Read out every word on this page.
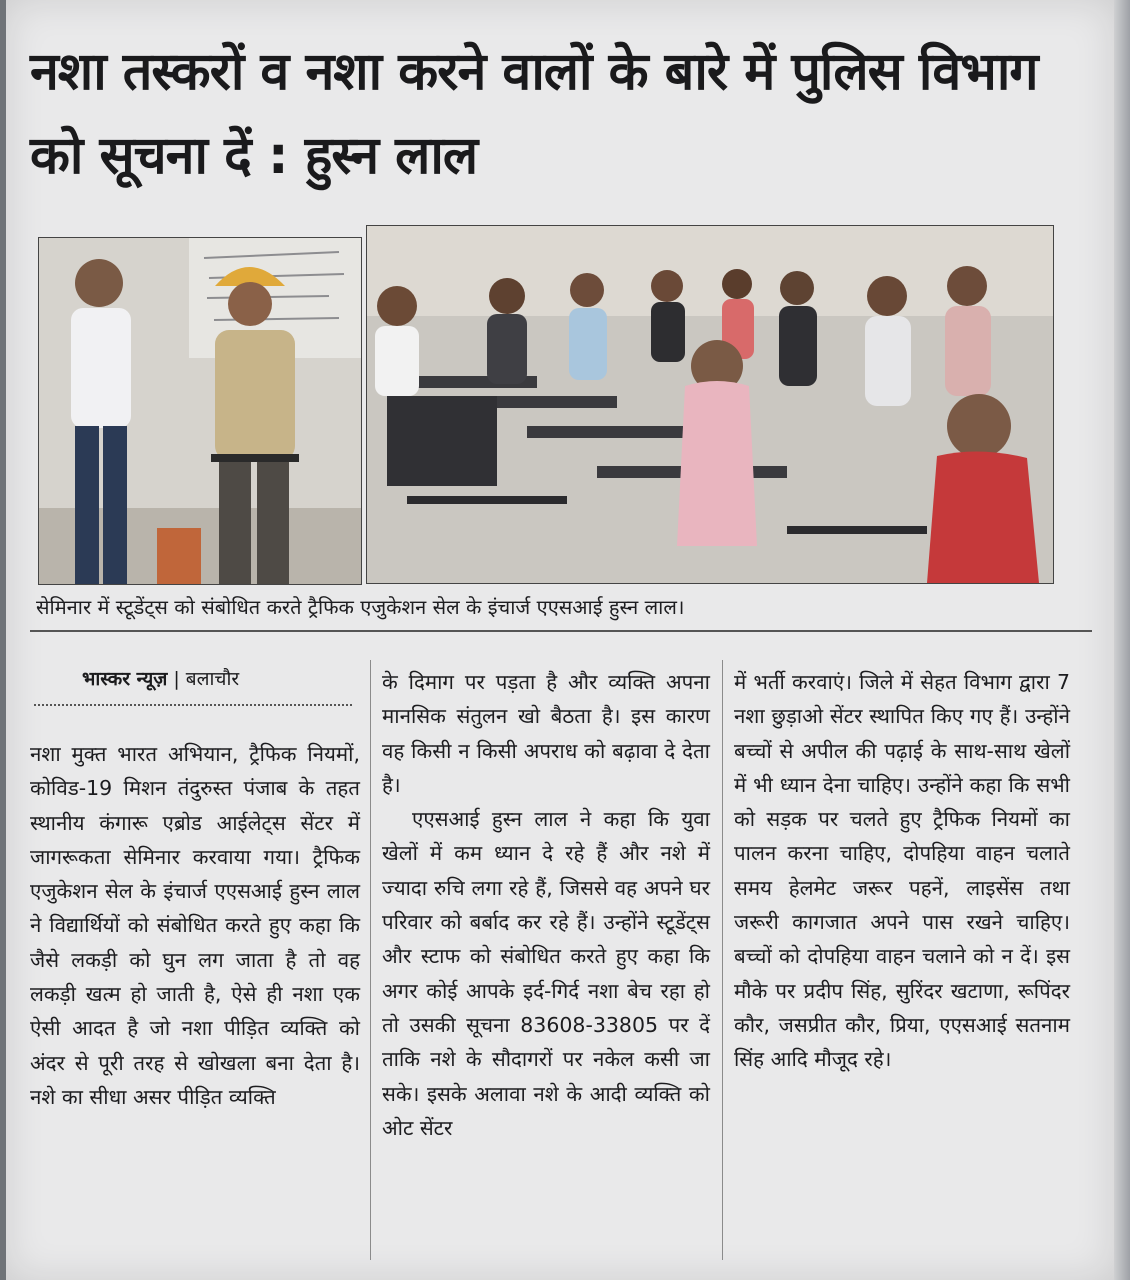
नशा तस्करों व नशा करने वालों के बारे में पुलिस विभाग को सूचना दें : हुस्न लाल

सेमिनार में स्टूडेंट्स को संबोधित करते ट्रैफिक एजुकेशन सेल के इंचार्ज एएसआई हुस्न लाल।

भास्कर न्यूज़ | बलाचौर

नशा मुक्त भारत अभियान, ट्रैफिक नियमों, कोविड-19 मिशन तंदुरुस्त पंजाब के तहत स्थानीय कंगारू एब्रोड आईलेट्स सेंटर में जागरूकता सेमिनार करवाया गया। ट्रैफिक एजुकेशन सेल के इंचार्ज एएसआई हुस्न लाल ने विद्यार्थियों को संबोधित करते हुए कहा कि जैसे लकड़ी को घुन लग जाता है तो वह लकड़ी खत्म हो जाती है, ऐसे ही नशा एक ऐसी आदत है जो नशा पीड़ित व्यक्ति को अंदर से पूरी तरह से खोखला बना देता है। नशे का सीधा असर पीड़ित व्यक्ति

के दिमाग पर पड़ता है और व्यक्ति अपना मानसिक संतुलन खो बैठता है। इस कारण वह किसी न किसी अपराध को बढ़ावा दे देता है।

एएसआई हुस्न लाल ने कहा कि युवा खेलों में कम ध्यान दे रहे हैं और नशे में ज्यादा रुचि लगा रहे हैं, जिससे वह अपने घर परिवार को बर्बाद कर रहे हैं। उन्होंने स्टूडेंट्स और स्टाफ को संबोधित करते हुए कहा कि अगर कोई आपके इर्द-गिर्द नशा बेच रहा हो तो उसकी सूचना 83608-33805 पर दें ताकि नशे के सौदागरों पर नकेल कसी जा सके। इसके अलावा नशे के आदी व्यक्ति को ओट सेंटर

में भर्ती करवाएं। जिले में सेहत विभाग द्वारा 7 नशा छुड़ाओ सेंटर स्थापित किए गए हैं। उन्होंने बच्चों से अपील की पढ़ाई के साथ-साथ खेलों में भी ध्यान देना चाहिए। उन्होंने कहा कि सभी को सड़क पर चलते हुए ट्रैफिक नियमों का पालन करना चाहिए, दोपहिया वाहन चलाते समय हेलमेट जरूर पहनें, लाइसेंस तथा जरूरी कागजात अपने पास रखने चाहिए। बच्चों को दोपहिया वाहन चलाने को न दें। इस मौके पर प्रदीप सिंह, सुरिंदर खटाणा, रूपिंदर कौर, जसप्रीत कौर, प्रिया, एएसआई सतनाम सिंह आदि मौजूद रहे।
